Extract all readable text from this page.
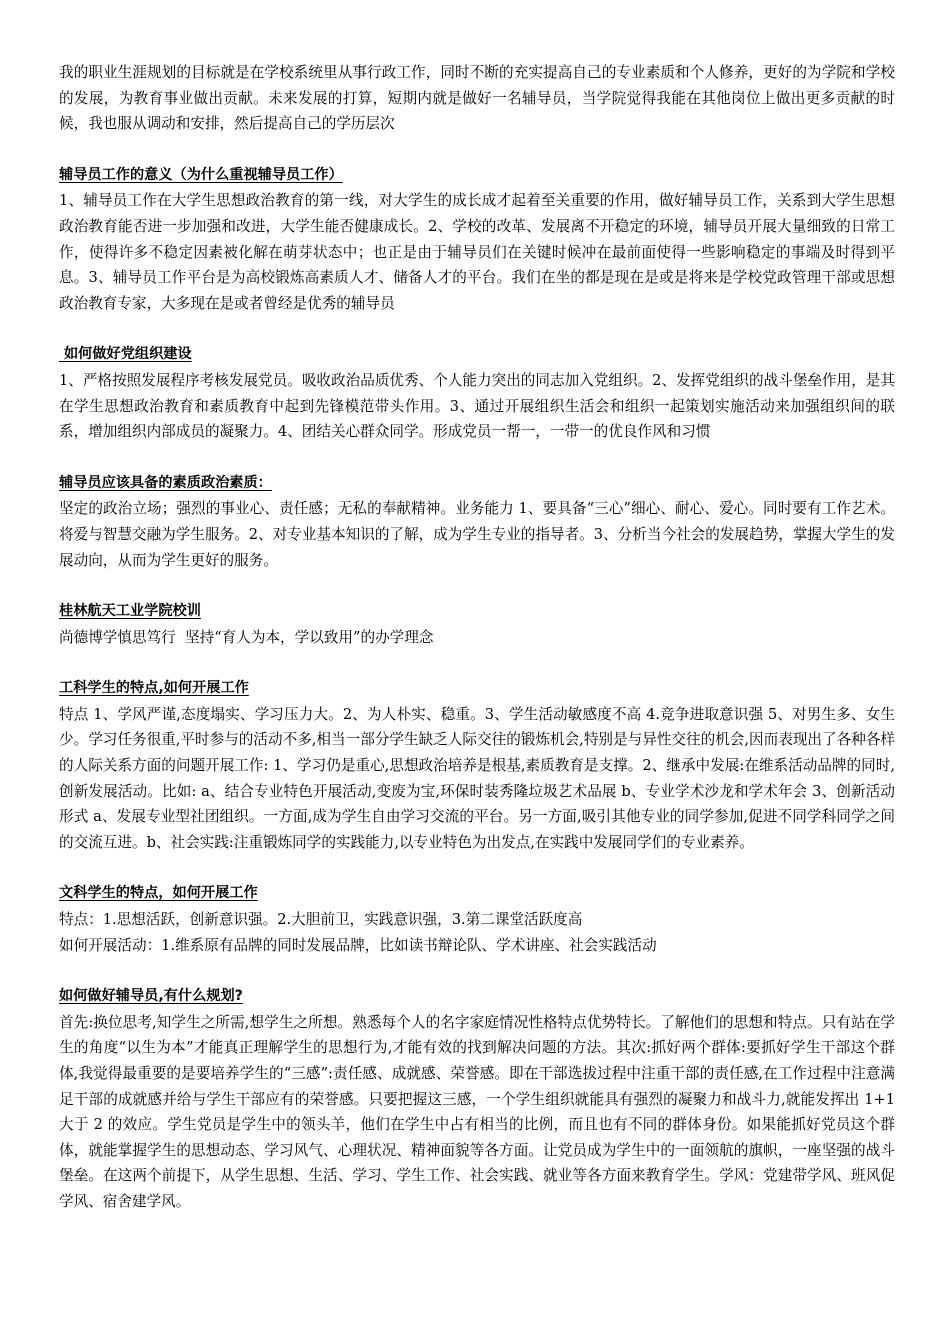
我的职业生涯规划的目标就是在学校系统里从事行政工作，同时不断的充实提高自己的专业素质和个人修养，更好的为学院和学校的发展，为教育事业做出贡献。未来发展的打算，短期内就是做好一名辅导员，当学院觉得我能在其他岗位上做出更多贡献的时候，我也服从调动和安排，然后提高自己的学历层次

辅导员工作的意义（为什么重视辅导员工作）

1、辅导员工作在大学生思想政治教育的第一线，对大学生的成长成才起着至关重要的作用，做好辅导员工作，关系到大学生思想政治教育能否进一步加强和改进，大学生能否健康成长。2、学校的改革、发展离不开稳定的环境，辅导员开展大量细致的日常工作，使得许多不稳定因素被化解在萌芽状态中；也正是由于辅导员们在关键时候冲在最前面使得一些影响稳定的事端及时得到平息。3、辅导员工作平台是为高校锻炼高素质人才、储备人才的平台。我们在坐的都是现在是或是将来是学校党政管理干部或思想政治教育专家，大多现在是或者曾经是优秀的辅导员

如何做好党组织建设

1、严格按照发展程序考核发展党员。吸收政治品质优秀、个人能力突出的同志加入党组织。2、发挥党组织的战斗堡垒作用，是其在学生思想政治教育和素质教育中起到先锋模范带头作用。3、通过开展组织生活会和组织一起策划实施活动来加强组织间的联系，增加组织内部成员的凝聚力。4、团结关心群众同学。形成党员一帮一，一带一的优良作风和习惯

辅导员应该具备的素质政治素质：

坚定的政治立场；强烈的事业心、责任感；无私的奉献精神。业务能力 1、要具备“三心”细心、耐心、爱心。同时要有工作艺术。将爱与智慧交融为学生服务。2、对专业基本知识的了解，成为学生专业的指导者。3、分析当今社会的发展趋势，掌握大学生的发展动向，从而为学生更好的服务。

桂林航天工业学院校训

尚德博学慎思笃行  坚持“育人为本，学以致用”的办学理念

工科学生的特点,如何开展工作

特点 1、学风严谨,态度塌实、学习压力大。2、为人朴实、稳重。3、学生活动敏感度不高 4.竞争进取意识强 5、对男生多、女生少。学习任务很重,平时参与的活动不多,相当一部分学生缺乏人际交往的锻炼机会,特别是与异性交往的机会,因而表现出了各种各样的人际关系方面的问题开展工作: 1、学习仍是重心,思想政治培养是根基,素质教育是支撑。2、继承中发展:在维系活动品牌的同时,创新发展活动。比如: a、结合专业特色开展活动,变废为宝,环保时装秀隆垃圾艺术品展 b、专业学术沙龙和学术年会 3、创新活动形式 a、发展专业型社团组织。一方面,成为学生自由学习交流的平台。另一方面,吸引其他专业的同学参加,促进不同学科同学之间的交流互进。b、社会实践:注重锻炼同学的实践能力,以专业特色为出发点,在实践中发展同学们的专业素养。

文科学生的特点，如何开展工作

特点：1.思想活跃，创新意识强。2.大胆前卫，实践意识强，3.第二课堂活跃度高

如何开展活动：1.维系原有品牌的同时发展品牌，比如读书辩论队、学术讲座、社会实践活动

如何做好辅导员,有什么规划?

首先:换位思考,知学生之所需,想学生之所想。熟悉每个人的名字家庭情况性格特点优势特长。了解他们的思想和特点。只有站在学生的角度“以生为本”才能真正理解学生的思想行为,才能有效的找到解决问题的方法。其次:抓好两个群体:要抓好学生干部这个群体,我觉得最重要的是要培养学生的“三感”:责任感、成就感、荣誉感。即在干部选拔过程中注重干部的责任感,在工作过程中注意满足干部的成就感并给与学生干部应有的荣誉感。只要把握这三感，一个学生组织就能具有强烈的凝聚力和战斗力,就能发挥出 1+1 大于 2 的效应。学生党员是学生中的领头羊，他们在学生中占有相当的比例，而且也有不同的群体身份。如果能抓好党员这个群体，就能掌握学生的思想动态、学习风气、心理状况、精神面貌等各方面。让党员成为学生中的一面领航的旗帜，一座坚强的战斗堡垒。在这两个前提下，从学生思想、生活、学习、学生工作、社会实践、就业等各方面来教育学生。学风：党建带学风、班风促学风、宿舍建学风。
